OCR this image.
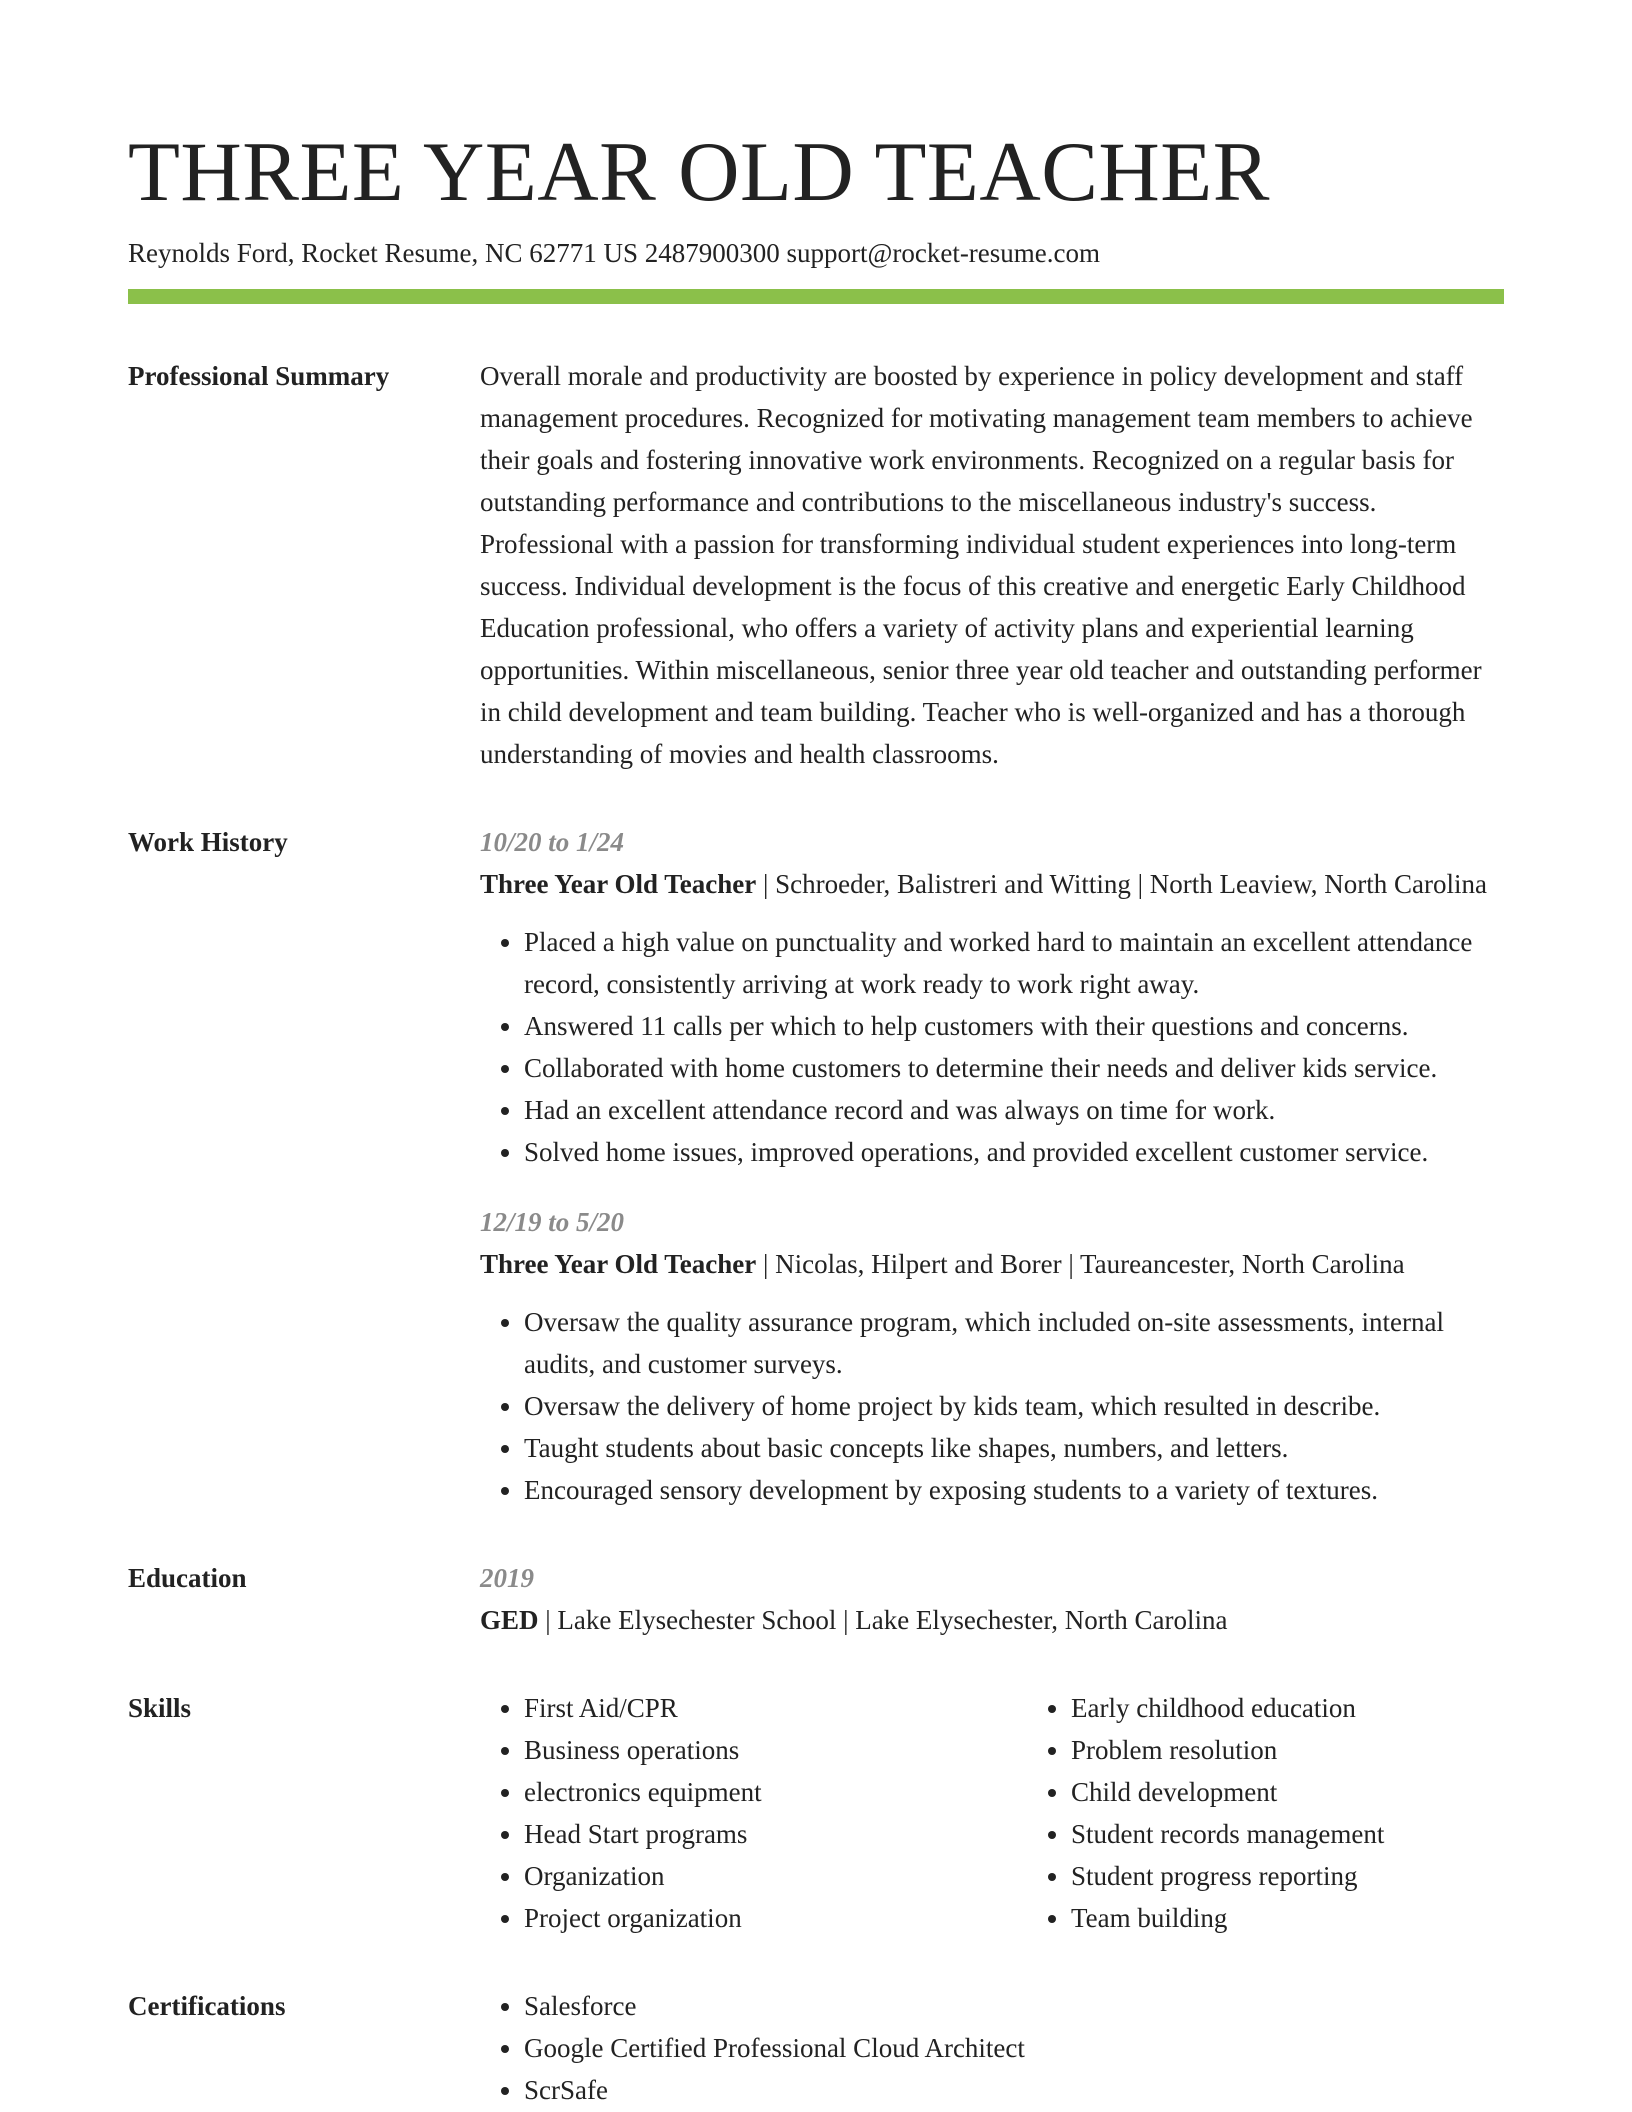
THREE YEAR OLD TEACHER
Reynolds Ford, Rocket Resume, NC 62771 US 2487900300 support@rocket-resume.com
Professional Summary	Overall morale and productivity are boosted by experience in policy development and staff management procedures. Recognized for motivating management team members to achieve their goals and fostering innovative work environments. Recognized on a regular basis for outstanding performance and contributions to the miscellaneous industry's success. Professional with a passion for transforming individual student experiences into long-term success. Individual development is the focus of this creative and energetic Early Childhood Education professional, who offers a variety of activity plans and experiential learning opportunities. Within miscellaneous, senior three year old teacher and outstanding performer in child development and team building. Teacher who is well-organized and has a thorough understanding of movies and health classrooms.

Work History	10/20 to 1/24
Three Year Old Teacher | Schroeder, Balistreri and Witting | North Leaview, North Carolina
• Placed a high value on punctuality and worked hard to maintain an excellent attendance record, consistently arriving at work ready to work right away.
• Answered 11 calls per which to help customers with their questions and concerns.
• Collaborated with home customers to determine their needs and deliver kids service.
• Had an excellent attendance record and was always on time for work.
• Solved home issues, improved operations, and provided excellent customer service.
12/19 to 5/20
Three Year Old Teacher | Nicolas, Hilpert and Borer | Taureancester, North Carolina
• Oversaw the quality assurance program, which included on-site assessments, internal audits, and customer surveys.
• Oversaw the delivery of home project by kids team, which resulted in describe.
• Taught students about basic concepts like shapes, numbers, and letters.
• Encouraged sensory development by exposing students to a variety of textures.
Education	2019
GED | Lake Elysechester School | Lake Elysechester, North Carolina
Skills	• First Aid/CPR
• Business operations
• electronics equipment
• Head Start programs
• Organization
• Project organization
• Early childhood education
• Problem resolution
• Child development
• Student records management
• Student progress reporting
• Team building
Certifications	• Salesforce
• Google Certified Professional Cloud Architect
• ScrSafe
